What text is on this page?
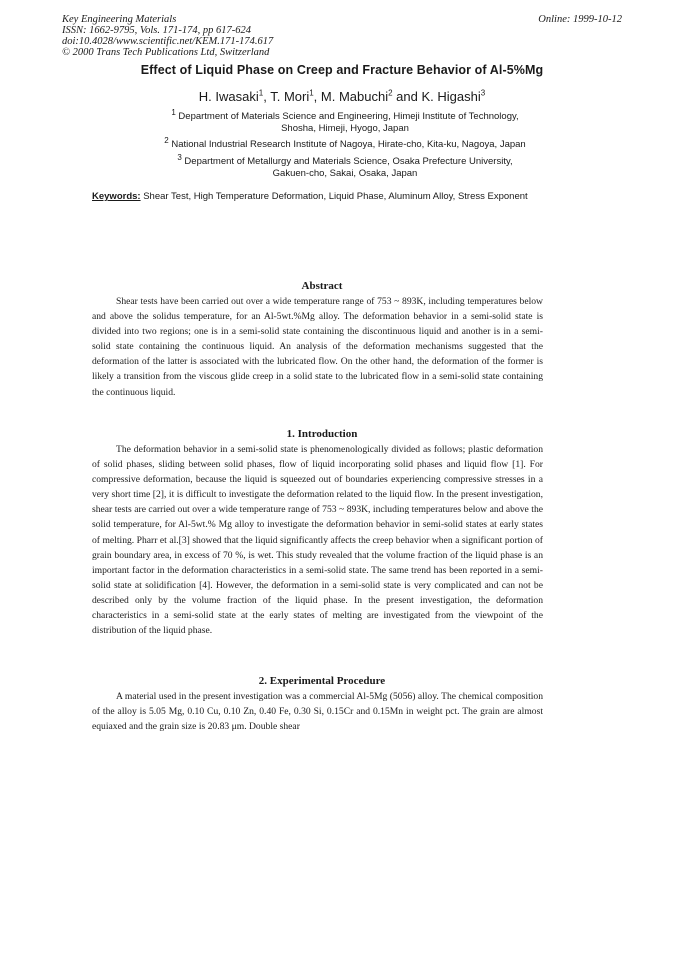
Key Engineering Materials
ISSN: 1662-9795, Vols. 171-174, pp 617-624
doi:10.4028/www.scientific.net/KEM.171-174.617
© 2000 Trans Tech Publications Ltd, Switzerland
Online: 1999-10-12
Effect of Liquid Phase on Creep and Fracture Behavior of Al-5%Mg
H. Iwasaki$^1$, T. Mori$^1$, M. Mabuchi$^2$ and K. Higashi$^3$
$^1$ Department of Materials Science and Engineering, Himeji Institute of Technology,
Shosha, Himeji, Hyogo, Japan
$^2$ National Industrial Research Institute of Nagoya, Hirate-cho, Kita-ku, Nagoya, Japan
$^3$ Department of Metallurgy and Materials Science, Osaka Prefecture University,
Gakuen-cho, Sakai, Osaka, Japan
Keywords: Shear Test, High Temperature Deformation, Liquid Phase, Aluminum Alloy, Stress Exponent
Abstract

Shear tests have been carried out over a wide temperature range of 753 ~ 893K, including temperatures below and above the solidus temperature, for an Al-5wt.%Mg alloy. The deformation behavior in a semi-solid state is divided into two regions; one is in a semi-solid state containing the discontinuous liquid and another is in a semi-solid state containing the continuous liquid. An analysis of the deformation mechanisms suggested that the deformation of the latter is associated with the lubricated flow. On the other hand, the deformation of the former is likely a transition from the viscous glide creep in a solid state to the lubricated flow in a semi-solid state containing the continuous liquid.

1. Introduction

The deformation behavior in a semi-solid state is phenomenologically divided as follows; plastic deformation of solid phases, sliding between solid phases, flow of liquid incorporating solid phases and liquid flow [1]. For compressive deformation, because the liquid is squeezed out of boundaries experiencing compressive stresses in a very short time [2], it is difficult to investigate the deformation related to the liquid flow. In the present investigation, shear tests are carried out over a wide temperature range of 753 ~ 893K, including temperatures below and above the solid temperature, for Al-5wt.% Mg alloy to investigate the deformation behavior in semi-solid states at early states of melting. Pharr et al.[3] showed that the liquid significantly affects the creep behavior when a significant portion of grain boundary area, in excess of 70 %, is wet. This study revealed that the volume fraction of the liquid phase is an important factor in the deformation characteristics in a semi-solid state. The same trend has been reported in a semi-solid state at solidification [4]. However, the deformation in a semi-solid state is very complicated and can not be described only by the volume fraction of the liquid phase. In the present investigation, the deformation characteristics in a semi-solid state at the early states of melting are investigated from the viewpoint of the distribution of the liquid phase.

2. Experimental Procedure

A material used in the present investigation was a commercial Al-5Mg (5056) alloy. The chemical composition of the alloy is 5.05 Mg, 0.10 Cu, 0.10 Zn, 0.40 Fe, 0.30 Si, 0.15Cr and 0.15Mn in weight pct. The grain are almost equiaxed and the grain size is 20.83 μm. Double shear
